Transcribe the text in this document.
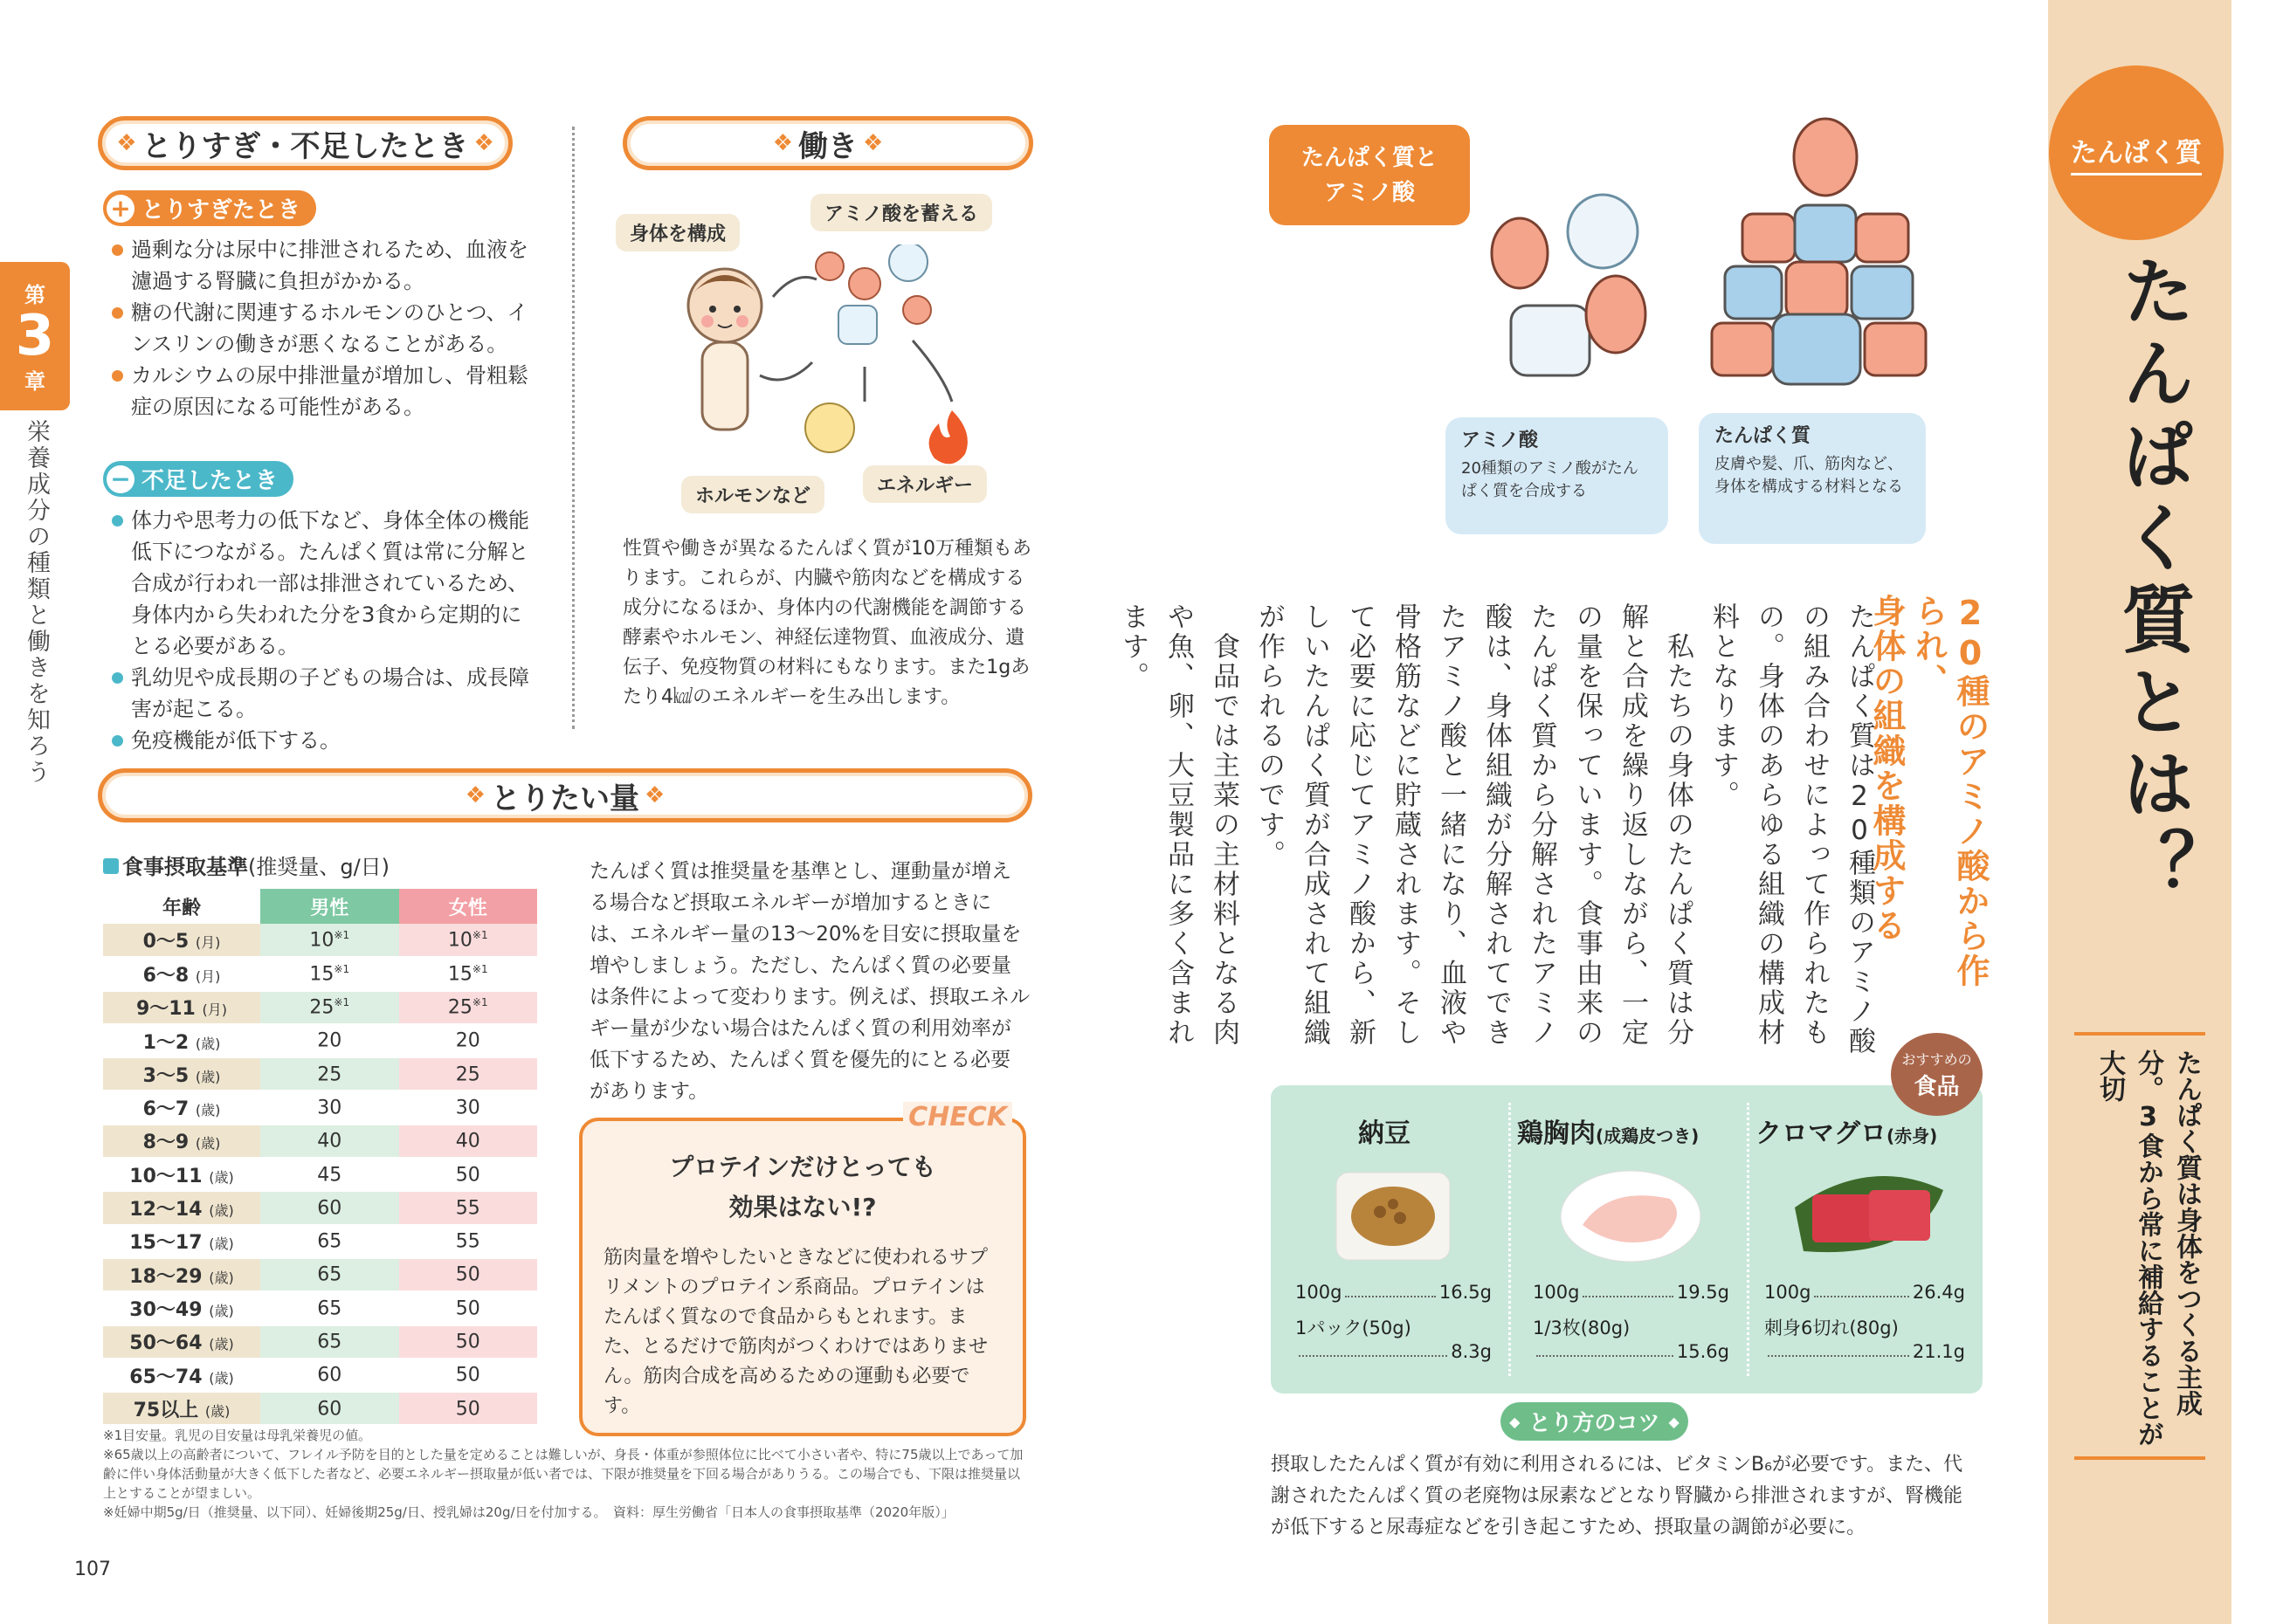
第
3
章
栄養成分の種類と働きを知ろう
❖ とりすぎ・不足したとき ❖
+ とりすぎたとき
過剰な分は尿中に排泄されるため、血液を濾過する腎臓に負担がかかる。
糖の代謝に関連するホルモンのひとつ、インスリンの働きが悪くなることがある。
カルシウムの尿中排泄量が増加し、骨粗鬆症の原因になる可能性がある。
− 不足したとき
体力や思考力の低下など、身体全体の機能低下につながる。たんぱく質は常に分解と合成が行われ一部は排泄されているため、身体内から失われた分を3食から定期的にとる必要がある。
乳幼児や成長期の子どもの場合は、成長障害が起こる。
免疫機能が低下する。
❖ 働き ❖
身体を構成
アミノ酸を蓄える
ホルモンなど	エネルギー
性質や働きが異なるたんぱく質が10万種類もあります。これらが、内臓や筋肉などを構成する成分になるほか、身体内の代謝機能を調節する酵素やホルモン、神経伝達物質、血液成分、遺伝子、免疫物質の材料にもなります。また1gあたり4㎉のエネルギーを生み出します。
❖ とりたい量 ❖
食事摂取基準(推奨量、g/日)
年齢	男性	女性
0～5 (月)	10$^{※1}$	10$^{※1}$
6～8 (月)	15$^{※1}$	15$^{※1}$
9～11 (月)	25$^{※1}$	25$^{※1}$
1～2 (歳)	20	20
3～5 (歳)	25	25
6～7 (歳)	30	30
8～9 (歳)	40	40
10～11 (歳)	45	50
12～14 (歳)	60	55
15～17 (歳)	65	55
18～29 (歳)	65	50
30～49 (歳)	65	50
50～64 (歳)	65	50
65～74 (歳)	60	50
75以上 (歳)	60	50
たんぱく質は推奨量を基準とし、運動量が増える場合など摂取エネルギーが増加するときには、エネルギー量の13～20%を目安に摂取量を増やしましょう。ただし、たんぱく質の必要量は条件によって変わります。例えば、摂取エネルギー量が少ない場合はたんぱく質の利用効率が低下するため、たんぱく質を優先的にとる必要があります。
※1目安量。乳児の目安量は母乳栄養児の値。
※65歳以上の高齢者について、フレイル予防を目的とした量を定めることは難しいが、身長・体重が参照体位に比べて小さい者や、特に75歳以上であって加齢に伴い身体活動量が大きく低下した者など、必要エネルギー摂取量が低い者では、下限が推奨量を下回る場合がありうる。この場合でも、下限は推奨量以上とすることが望ましい。
※妊婦中期5g/日（推奨量、以下同）、妊婦後期25g/日、授乳婦は20g/日を付加する。　資料：厚生労働省「日本人の食事摂取基準（2020年版）」
CHECK
プロテインだけとっても
効果はない!?
筋肉量を増やしたいときなどに使われるサプリメントのプロテイン系商品。プロテインはたんぱく質なので食品からもとれます。また、とるだけで筋肉がつくわけではありません。筋肉合成を高めるための運動も必要です。
107
たんぱく質と
アミノ酸
アミノ酸
20種類のアミノ酸がたんぱく質を合成する
たんぱく質
皮膚や髪、爪、筋肉など、身体を構成する材料となる
20種のアミノ酸から作られ、
身体の組織を構成する
たんぱく質は20種類のアミノ酸の組み合わせによって作られたもの。身体のあらゆる組織の構成材料となります。
　私たちの身体のたんぱく質は分解と合成を繰り返しながら、一定の量を保っています。食事由来のたんぱく質から分解されたアミノ酸は、身体組織が分解されてできたアミノ酸と一緒になり、血液や骨格筋などに貯蔵されます。そして必要に応じてアミノ酸から、新しいたんぱく質が合成されて組織が作られるのです。
　食品では主菜の主材料となる肉や魚、卵、大豆製品に多く含まれます。
納豆
100g	16.5g
1パック(50g)
8.3g
鶏胸肉(成鶏皮つき)
100g	19.5g
1/3枚(80g)
15.6g
クロマグロ(赤身)
100g	26.4g
刺身6切れ(80g)
21.1g
おすすめの
食品
◆ とり方のコツ ◆
摂取したたんぱく質が有効に利用されるには、ビタミンB₆が必要です。また、代謝されたたんぱく質の老廃物は尿素などとなり腎臓から排泄されますが、腎機能が低下すると尿毒症などを引き起こすため、摂取量の調節が必要に。
たんぱく質
たんぱく質とは？
たんぱく質は身体をつくる主成分。3食から常に補給することが大切
